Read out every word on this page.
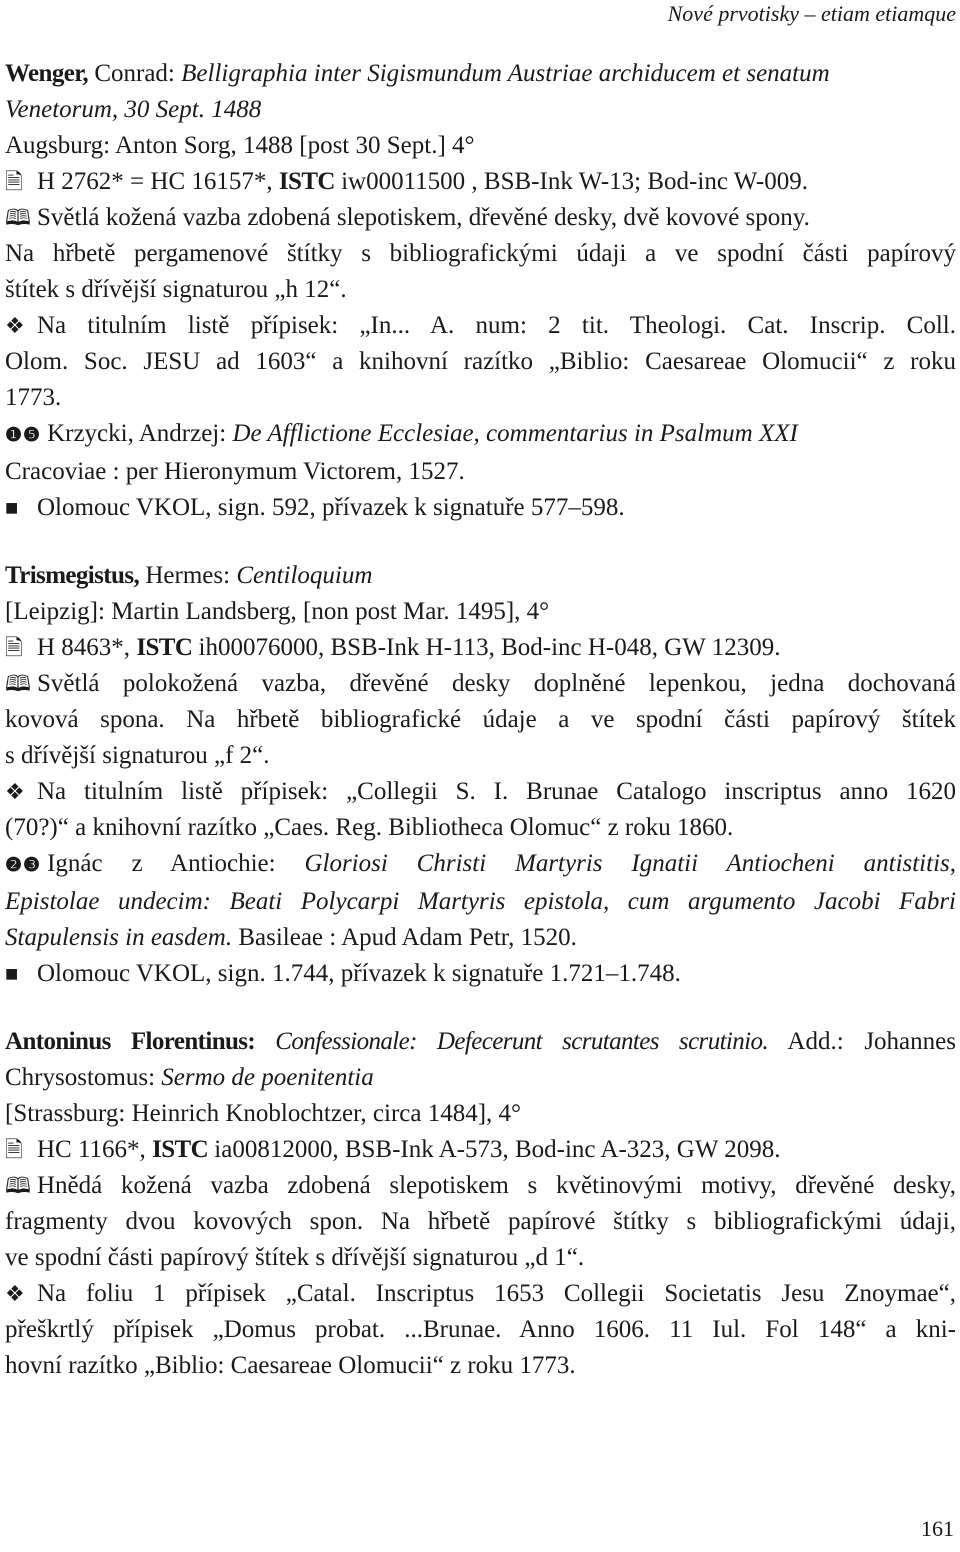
Nové prvotisky – etiam etiamque
Wenger, Conrad: Belligraphia inter Sigismundum Austriae archiducem et senatum
Venetorum, 30 Sept. 1488
Augsburg: Anton Sorg, 1488 [post 30 Sept.] 4°
🗎 H 2762* = HC 16157*, ISTC iw00011500 , BSB-Ink W-13; Bod-inc W-009.
🕮 Světlá kožená vazba zdobená slepotiskem, dřevěné desky, dvě kovové spony.
Na hřbetě pergamenové štítky s bibliografickými údaji a ve spodní části papírový
štítek s dřívější signaturou „h 12“.
❖ Na titulním listě přípisek: „In... A. num: 2 tit. Theologi. Cat. Inscrip. Coll.
Olom. Soc. JESU ad 1603“ a knihovní razítko „Biblio: Caesareae Olomucii“ z roku
1773.
❶❺ Krzycki, Andrzej: De Afflictione Ecclesiae, commentarius in Psalmum XXI
Cracoviae : per Hieronymum Victorem, 1527.
■ Olomouc VKOL, sign. 592, přívazek k signatuře 577–598.
Trismegistus, Hermes: Centiloquium
[Leipzig]: Martin Landsberg, [non post Mar. 1495], 4°
🗎 H 8463*, ISTC ih00076000, BSB-Ink H-113, Bod-inc H-048, GW 12309.
🕮 Světlá polokožená vazba, dřevěné desky doplněné lepenkou, jedna dochovaná
kovová spona. Na hřbetě bibliografické údaje a ve spodní části papírový štítek
s dřívější signaturou „f 2“.
❖ Na titulním listě přípisek: „Collegii S. I. Brunae Catalogo inscriptus anno 1620
(70?)“ a knihovní razítko „Caes. Reg. Bibliotheca Olomuc“ z roku 1860.
❷❸ Ignác z Antiochie: Gloriosi Christi Martyris Ignatii Antiocheni antistitis,
Epistolae undecim: Beati Polycarpi Martyris epistola, cum argumento Jacobi Fabri
Stapulensis in easdem. Basileae : Apud Adam Petr, 1520.
■ Olomouc VKOL, sign. 1.744, přívazek k signatuře 1.721–1.748.
Antoninus Florentinus: Confessionale: Defecerunt scrutantes scrutinio. Add.: Johannes
Chrysostomus: Sermo de poenitentia
[Strassburg: Heinrich Knoblochtzer, circa 1484], 4°
🗎 HC 1166*, ISTC ia00812000, BSB-Ink A-573, Bod-inc A-323, GW 2098.
🕮 Hnědá kožená vazba zdobená slepotiskem s květinovými motivy, dřevěné desky,
fragmenty dvou kovových spon. Na hřbetě papírové štítky s bibliografickými údaji,
ve spodní části papírový štítek s dřívější signaturou „d 1“.
❖ Na foliu 1 přípisek „Catal. Inscriptus 1653 Collegii Societatis Jesu Znoymae“,
přeškrtlý přípisek „Domus probat. ...Brunae. Anno 1606. 11 Iul. Fol 148“ a kni-
hovní razítko „Biblio: Caesareae Olomucii“ z roku 1773.
161
